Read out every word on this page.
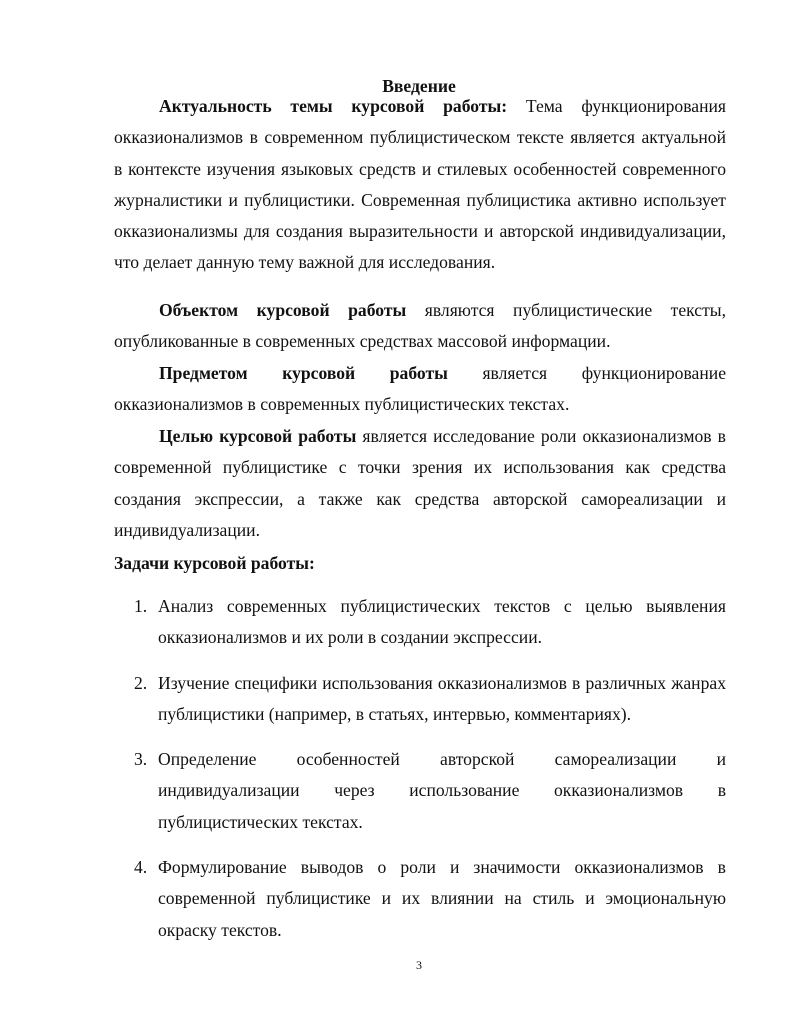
Введение

Актуальность темы курсовой работы: Тема функционирования окказионализмов в современном публицистическом тексте является актуальной в контексте изучения языковых средств и стилевых особенностей современного журналистики и публицистики. Современная публицистика активно использует окказионализмы для создания выразительности и авторской индивидуализации, что делает данную тему важной для исследования.

Объектом курсовой работы являются публицистические тексты, опубликованные в современных средствах массовой информации.

Предметом курсовой работы является функционирование окказионализмов в современных публицистических текстах.

Целью курсовой работы является исследование роли окказионализмов в современной публицистике с точки зрения их использования как средства создания экспрессии, а также как средства авторской самореализации и индивидуализации.

Задачи курсовой работы:
1. Анализ современных публицистических текстов с целью выявления окказионализмов и их роли в создании экспрессии.
2. Изучение специфики использования окказионализмов в различных жанрах публицистики (например, в статьях, интервью, комментариях).
3. Определение особенностей авторской самореализации и индивидуализации через использование окказионализмов в публицистических текстах.
4. Формулирование выводов о роли и значимости окказионализмов в современной публицистике и их влиянии на стиль и эмоциональную окраску текстов.
3
